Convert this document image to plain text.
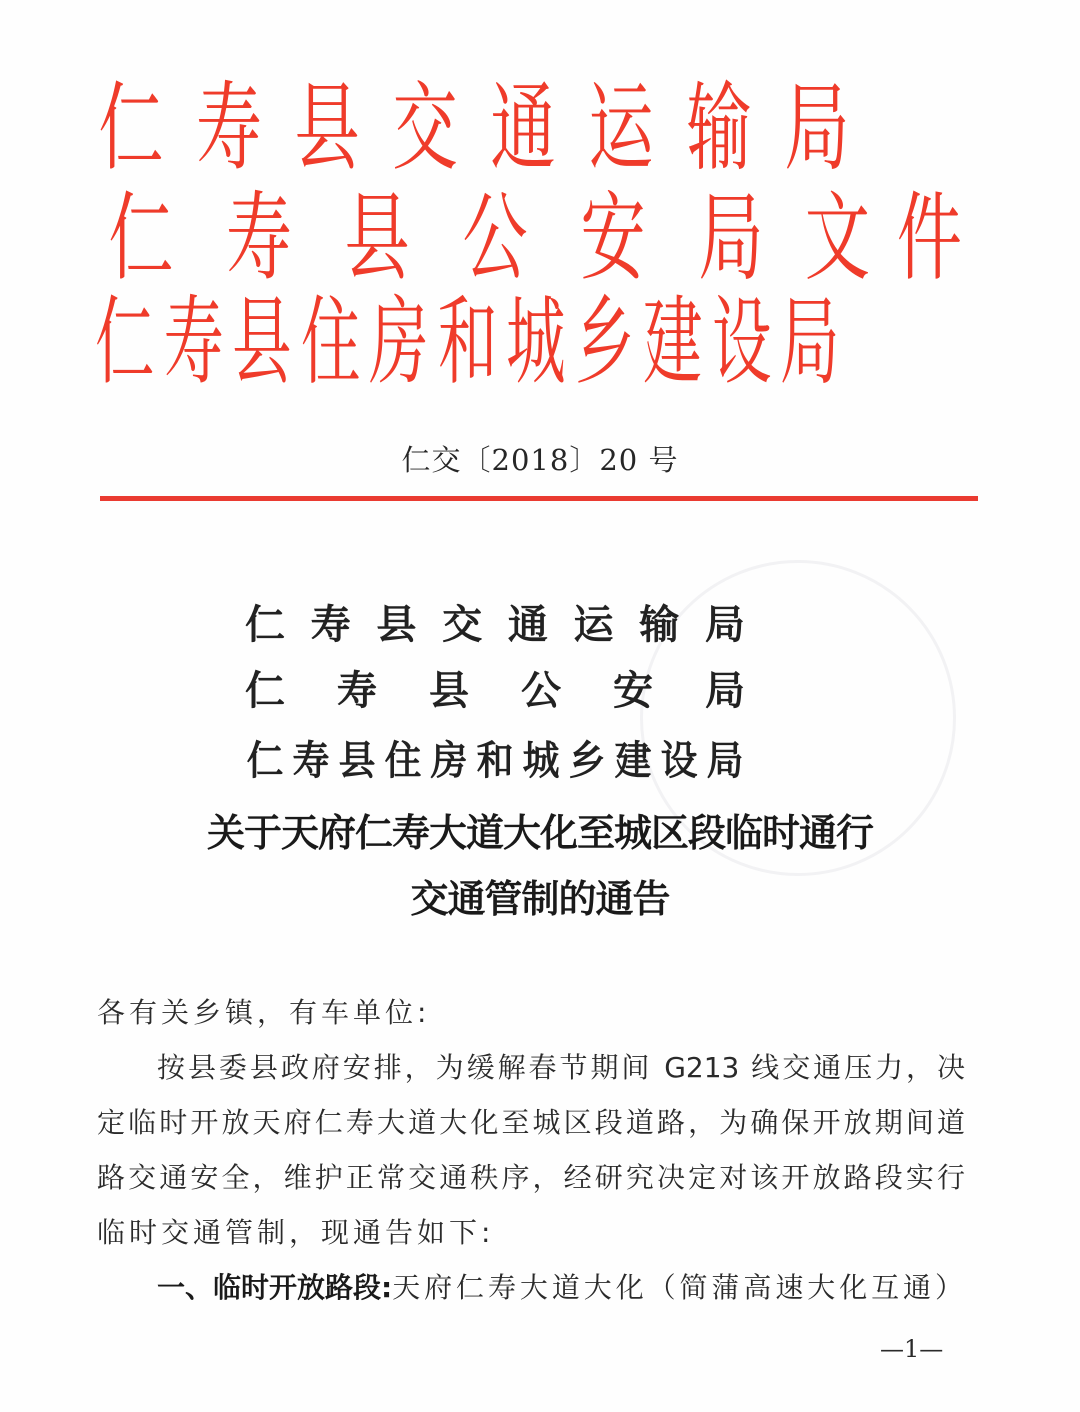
仁 寿 县 交 通 运 输 局
仁 寿 县 公 安 局 文 件
仁 寿 县 住 房 和 城 乡 建 设 局
仁交〔2018〕20 号
仁 寿 县 交 通 运 输 局
仁 寿 县 公 安 局
仁 寿 县 住 房 和 城 乡 建 设 局
关于天府仁寿大道大化至城区段临时通行
交通管制的通告
各有关乡镇，有车单位:
按县委县政府安排，为缓解春节期间 G213 线交通压力，决
定临时开放天府仁寿大道大化至城区段道路，为确保开放期间道
路交通安全，维护正常交通秩序，经研究决定对该开放路段实行
临时交通管制，现通告如下:
一、临时开放路段: 天府仁寿大道大化（简蒲高速大化互通）
—1—
